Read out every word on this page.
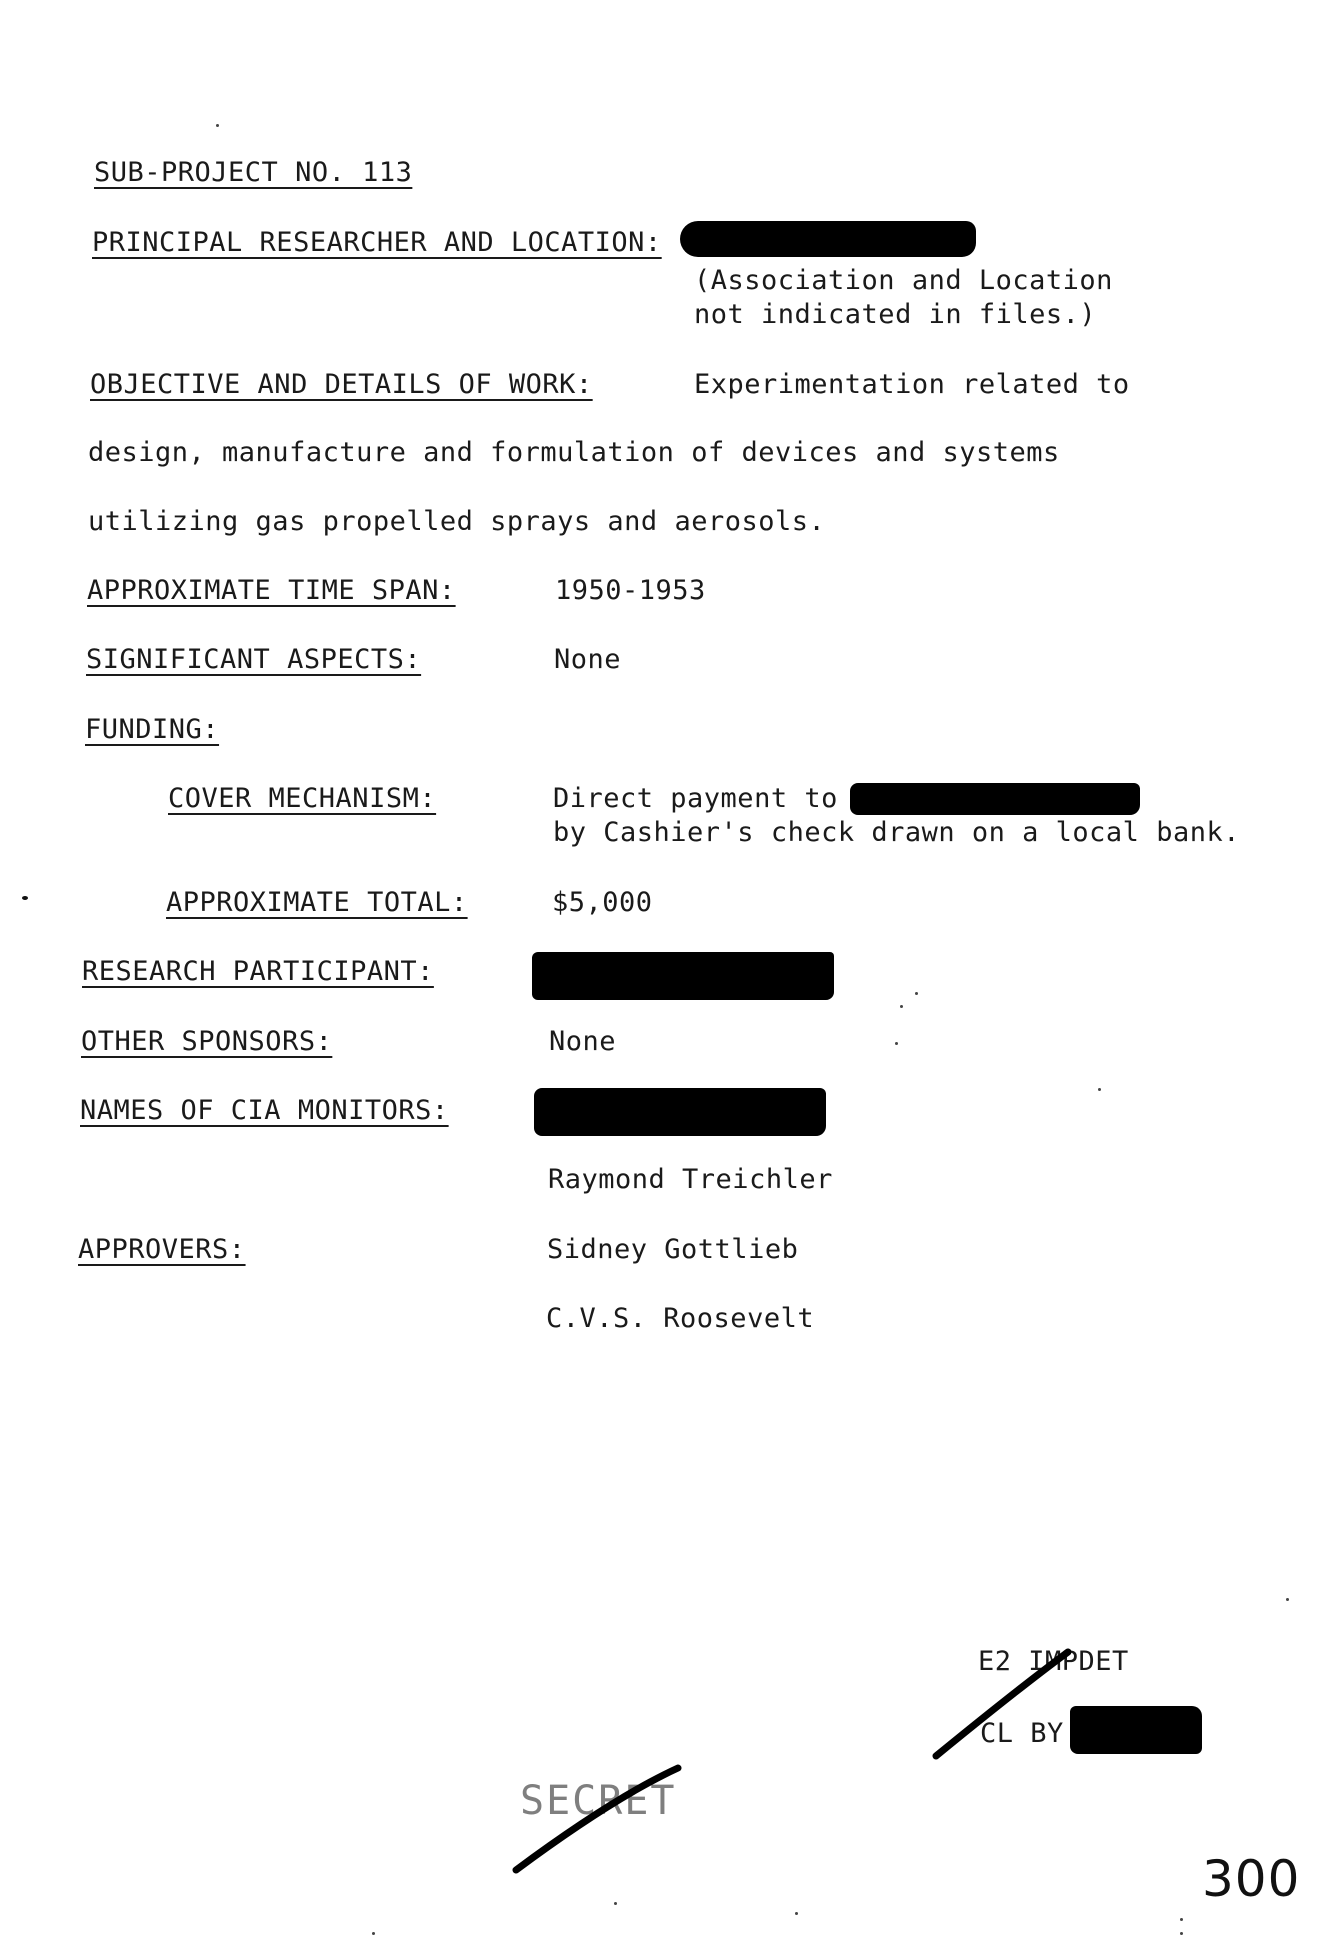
SUB-PROJECT NO. 113
PRINCIPAL RESEARCHER AND LOCATION:
(Association and Location
not indicated in files.)
OBJECTIVE AND DETAILS OF WORK:	Experimentation related to
design, manufacture and formulation of devices and systems
utilizing gas propelled sprays and aerosols.
APPROXIMATE TIME SPAN:	1950-1953
SIGNIFICANT ASPECTS:	None
FUNDING:
COVER MECHANISM:	Direct payment to
by Cashier's check drawn on a local bank.
APPROXIMATE TOTAL:	$5,000
RESEARCH PARTICIPANT:
OTHER SPONSORS:	None
NAMES OF CIA MONITORS:
Raymond Treichler
APPROVERS:	Sidney Gottlieb
C.V.S. Roosevelt
E2 IMPDET
CL BY
SECRET
300
